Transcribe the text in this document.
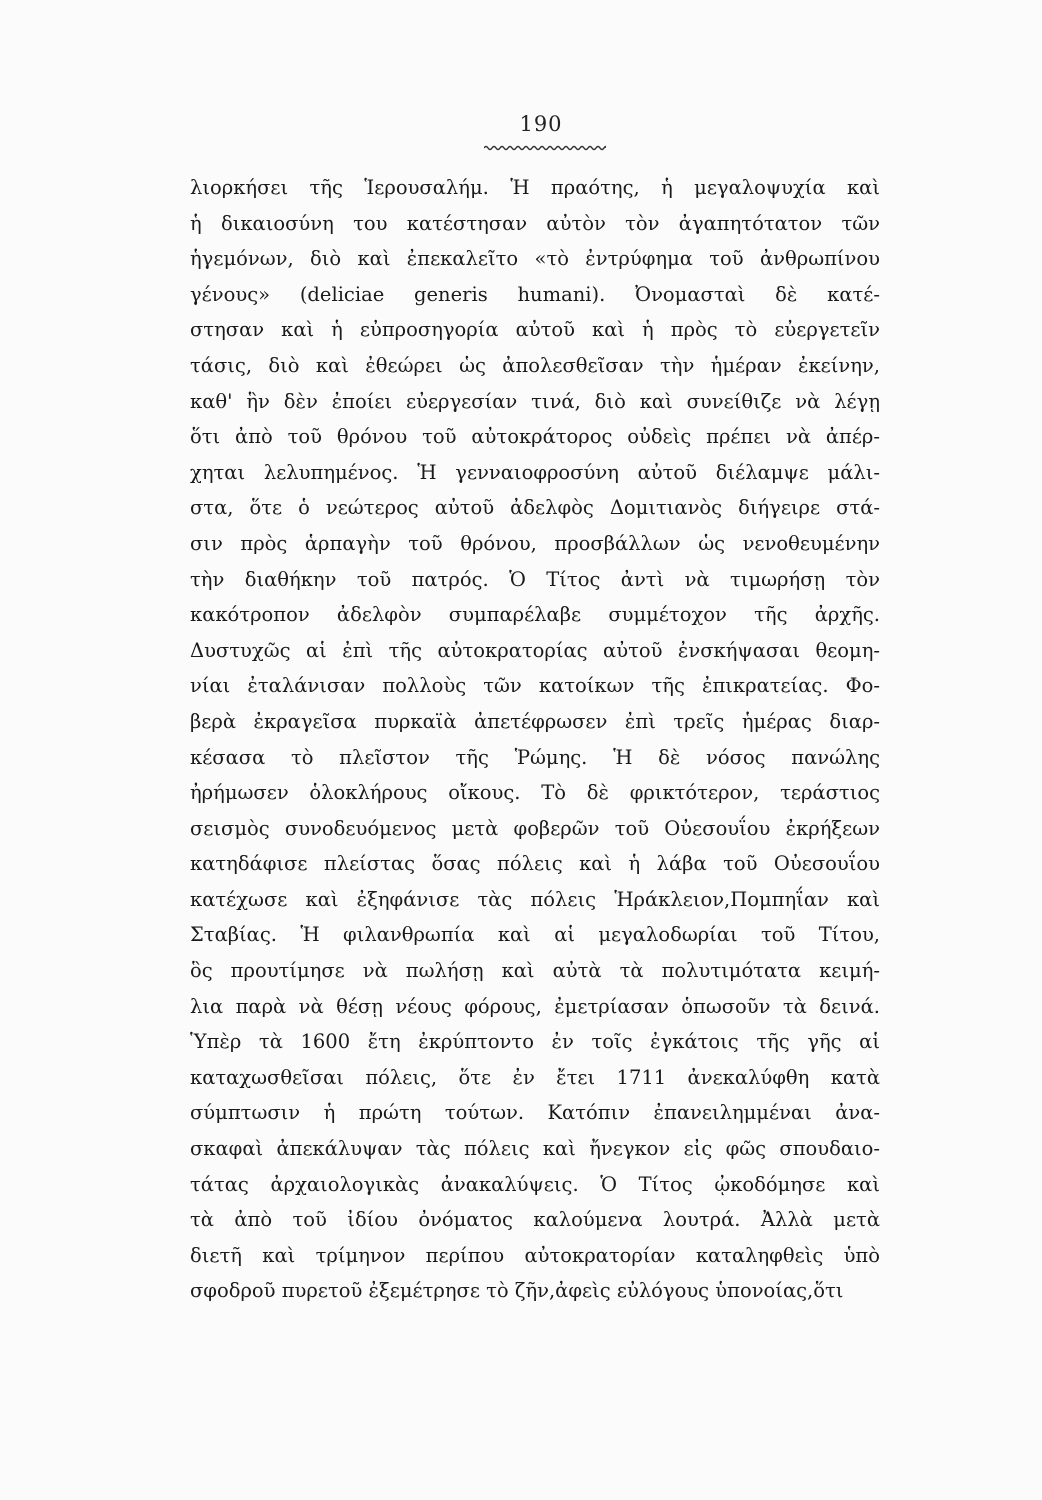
190
λιορκήσει τῆς Ἱερουσαλήμ. Ἡ πραότης, ἡ μεγαλοψυχία καὶ
ἡ δικαιοσύνη του κατέστησαν αὐτὸν τὸν ἀγαπητότατον τῶν
ἡγεμόνων, διὸ καὶ ἐπεκαλεῖτο «τὸ ἐντρύφημα τοῦ ἀνθρωπίνου
γένους» (deliciae generis humani). Ὀνομασταὶ δὲ κατέ-
στησαν καὶ ἡ εὐπροσηγορία αὐτοῦ καὶ ἡ πρὸς τὸ εὐεργετεῖν
τάσις, διὸ καὶ ἐθεώρει ὡς ἀπολεσθεῖσαν τὴν ἡμέραν ἐκείνην,
καθ' ἣν δὲν ἐποίει εὐεργεσίαν τινά, διὸ καὶ συνείθιζε νὰ λέγῃ
ὅτι ἀπὸ τοῦ θρόνου τοῦ αὐτοκράτορος οὐδεὶς πρέπει νὰ ἀπέρ-
χηται λελυπημένος. Ἡ γενναιοφροσύνη αὐτοῦ διέλαμψε μάλι-
στα, ὅτε ὁ νεώτερος αὐτοῦ ἀδελφὸς Δομιτιανὸς διήγειρε στά-
σιν πρὸς ἁρπαγὴν τοῦ θρόνου, προσβάλλων ὡς νενοθευμένην
τὴν διαθήκην τοῦ πατρός. Ὁ Τίτος ἀντὶ νὰ τιμωρήσῃ τὸν
κακότροπον ἀδελφὸν συμπαρέλαβε συμμέτοχον τῆς ἀρχῆς.
Δυστυχῶς αἱ ἐπὶ τῆς αὐτοκρατορίας αὐτοῦ ἐνσκήψασαι θεομη-
νίαι ἐταλάνισαν πολλοὺς τῶν κατοίκων τῆς ἐπικρατείας. Φο-
βερὰ ἐκραγεῖσα πυρκαϊὰ ἀπετέφρωσεν ἐπὶ τρεῖς ἡμέρας διαρ-
κέσασα τὸ πλεῖστον τῆς Ῥώμης. Ἡ δὲ νόσος πανώλης
ἠρήμωσεν ὁλοκλήρους οἴκους. Τὸ δὲ φρικτότερον, τεράστιος
σεισμὸς συνοδευόμενος μετὰ φοβερῶν τοῦ Οὐεσουΐου ἐκρήξεων
κατηδάφισε πλείστας ὅσας πόλεις καὶ ἡ λάβα τοῦ Οὐεσουΐου
κατέχωσε καὶ ἐξηφάνισε τὰς πόλεις Ἡράκλειον,Πομπηΐαν καὶ
Σταβίας. Ἡ φιλανθρωπία καὶ αἱ μεγαλοδωρίαι τοῦ Τίτου,
ὃς προυτίμησε νὰ πωλήσῃ καὶ αὐτὰ τὰ πολυτιμότατα κειμή-
λια παρὰ νὰ θέσῃ νέους φόρους, ἐμετρίασαν ὁπωσοῦν τὰ δεινά.
Ὑπὲρ τὰ 1600 ἔτη ἐκρύπτοντο ἐν τοῖς ἐγκάτοις τῆς γῆς αἱ
καταχωσθεῖσαι πόλεις, ὅτε ἐν ἔτει 1711 ἀνεκαλύφθη κατὰ
σύμπτωσιν ἡ πρώτη τούτων. Κατόπιν ἐπανειλημμέναι ἀνα-
σκαφαὶ ἀπεκάλυψαν τὰς πόλεις καὶ ἤνεγκον εἰς φῶς σπουδαιο-
τάτας ἀρχαιολογικὰς ἀνακαλύψεις. Ὁ Τίτος ᾠκοδόμησε καὶ
τὰ ἀπὸ τοῦ ἰδίου ὀνόματος καλούμενα λουτρά. Ἀλλὰ μετὰ
διετῆ καὶ τρίμηνον περίπου αὐτοκρατορίαν καταληφθεὶς ὑπὸ
σφοδροῦ πυρετοῦ ἐξεμέτρησε τὸ ζῆν,ἀφεὶς εὐλόγους ὑπονοίας,ὅτι
